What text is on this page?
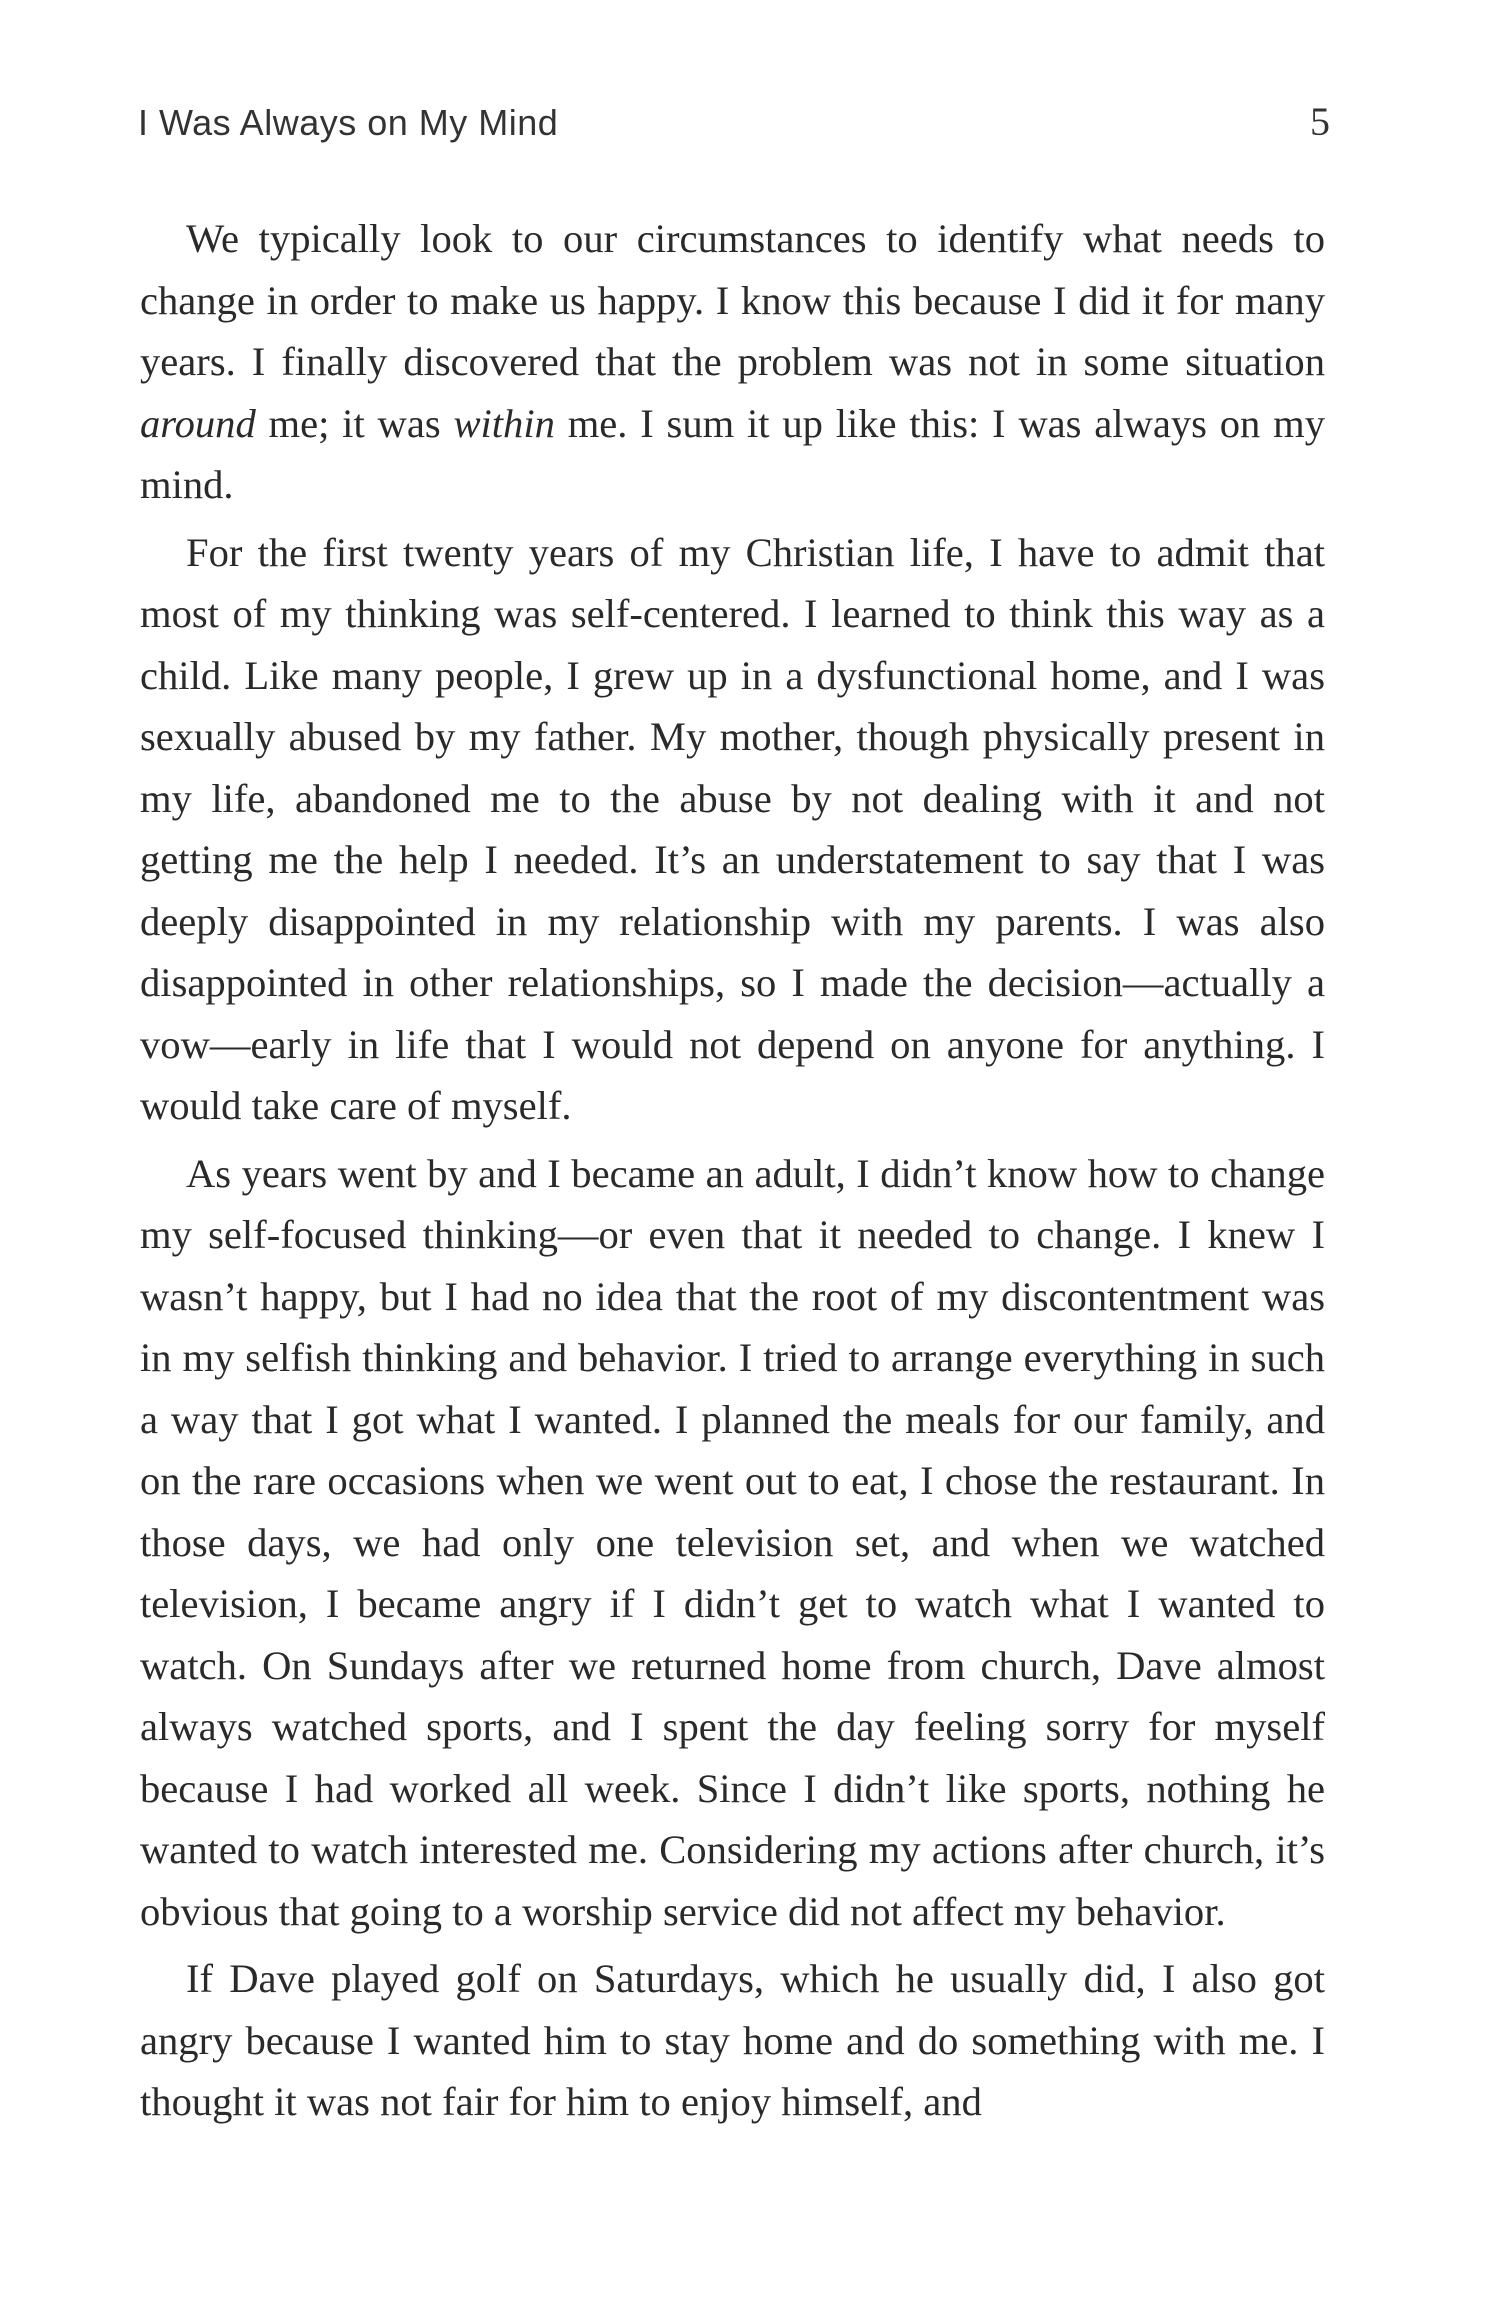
I Was Always on My Mind	5

We typically look to our circumstances to identify what needs to change in order to make us happy. I know this because I did it for many years. I finally discovered that the problem was not in some situation around me; it was within me. I sum it up like this: I was always on my mind.

For the first twenty years of my Christian life, I have to admit that most of my thinking was self-centered. I learned to think this way as a child. Like many people, I grew up in a dysfunctional home, and I was sexually abused by my father. My mother, though physically present in my life, abandoned me to the abuse by not dealing with it and not getting me the help I needed. It’s an understatement to say that I was deeply disappointed in my relationship with my parents. I was also disappointed in other relationships, so I made the decision—actually a vow—early in life that I would not depend on anyone for anything. I would take care of myself.

As years went by and I became an adult, I didn’t know how to change my self-focused thinking—or even that it needed to change. I knew I wasn’t happy, but I had no idea that the root of my discontentment was in my selfish thinking and behavior. I tried to arrange everything in such a way that I got what I wanted. I planned the meals for our family, and on the rare occasions when we went out to eat, I chose the restaurant. In those days, we had only one television set, and when we watched television, I became angry if I didn’t get to watch what I wanted to watch. On Sundays after we returned home from church, Dave almost always watched sports, and I spent the day feeling sorry for myself because I had worked all week. Since I didn’t like sports, nothing he wanted to watch interested me. Considering my actions after church, it’s obvious that going to a worship service did not affect my behavior.

If Dave played golf on Saturdays, which he usually did, I also got angry because I wanted him to stay home and do something with me. I thought it was not fair for him to enjoy himself, and
